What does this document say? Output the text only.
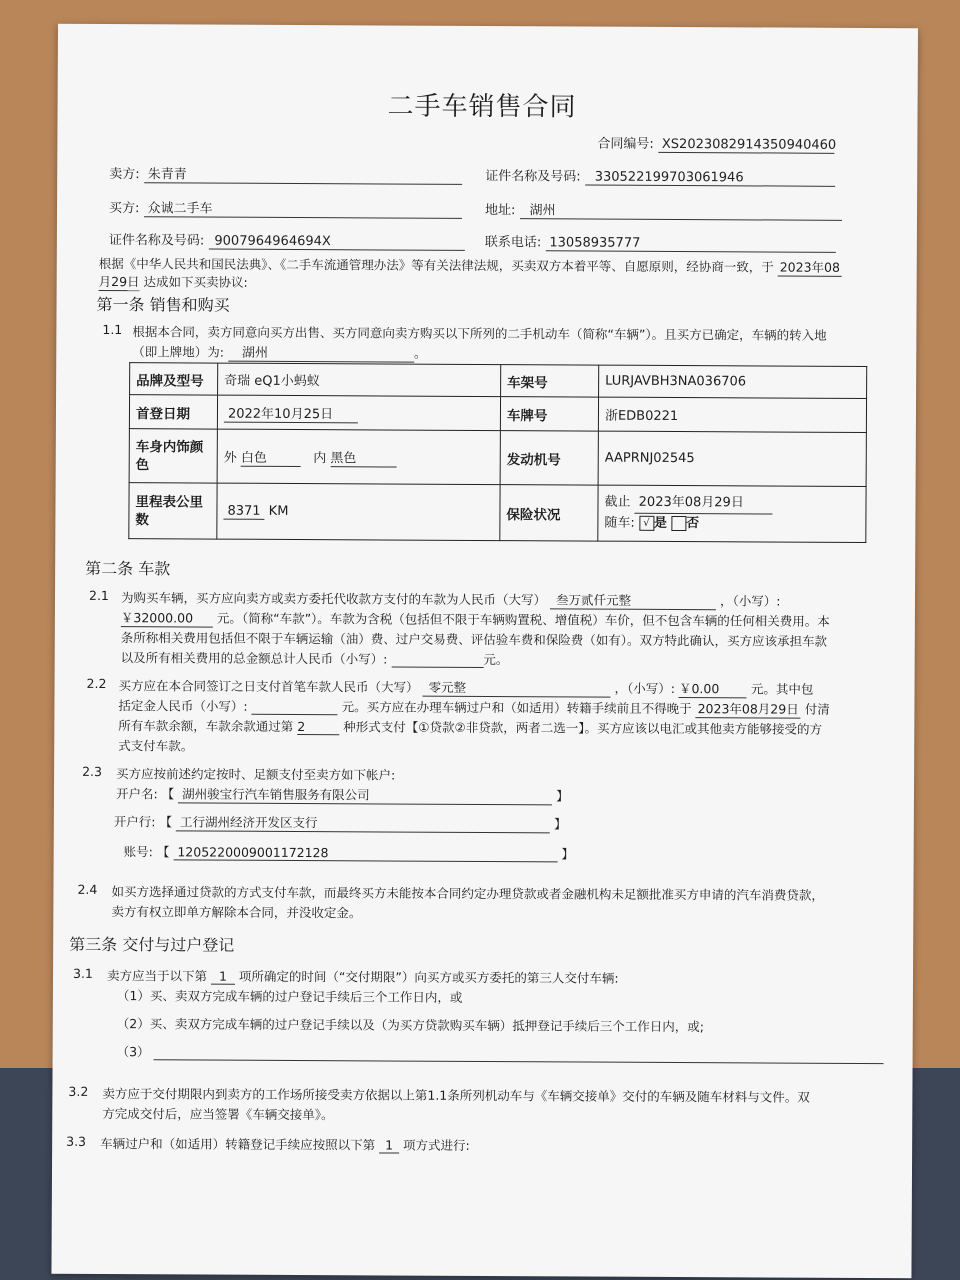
二手车销售合同
合同编号: XS2023082914350940460
卖方: 朱青青	证件名称及号码: 330522199703061946
买方: 众诚二手车	地址: 湖州
证件名称及号码: 9007964964694X	联系电话: 13058935777
根据《中华人民共和国民法典》、《二手车流通管理办法》等有关法律法规，买卖双方本着平等、自愿原则，经协商一致，于 2023年08
月29日 达成如下买卖协议:
第一条 销售和购买
1.1 根据本合同，卖方同意向买方出售、买方同意向卖方购买以下所列的二手机动车（简称“车辆”）。且买方已确定，车辆的转入地
（即上牌地）为: 湖州	。
品牌及型号	奇瑞 eQ1小蚂蚁	车架号	LURJAVBH3NA036706
首登日期	2022年10月25日	车牌号	浙EDB0221
车身内饰颜色	外 白色 内 黑色	发动机号	AAPRNJ02545
里程表公里数	8371 KM	保险状况	截止 2023年08月29日
随车: √ 是 否
第二条 车款
2.1 为购买车辆，买方应向卖方或卖方委托代收款方支付的车款为人民币（大写） 叁万贰仟元整	，（小写）:
￥32000.00 元。（简称“车款”）。车款为含税（包括但不限于车辆购置税、增值税）车价，但不包含车辆的任何相关费用。本
条所称相关费用包括但不限于车辆运输（油）费、过户交易费、评估验车费和保险费（如有）。双方特此确认，买方应该承担车款
以及所有相关费用的总金额总计人民币（小写）:	元。
2.2 买方应在本合同签订之日支付首笔车款人民币（大写） 零元整	，（小写）: ￥0.00	元。其中包
括定金人民币（小写）:	元。买方应在办理车辆过户和（如适用）转籍手续前且不得晚于 2023年08月29日 付清
所有车款余额，车款余款通过第 2	种形式支付【①贷款②非贷款，两者二选一】。买方应该以电汇或其他卖方能够接受的方
式支付车款。
2.3 买方应按前述约定按时、足额支付至卖方如下帐户:
开户名: 【 湖州骏宝行汽车销售服务有限公司	】
开户行: 【 工行湖州经济开发区支行	】
账号: 【 1205220009001172128	】
2.4 如买方选择通过贷款的方式支付车款，而最终买方未能按本合同约定办理贷款或者金融机构未足额批准买方申请的汽车消费贷款，
卖方有权立即单方解除本合同，并没收定金。
第三条 交付与过户登记
3.1 卖方应当于以下第 1 项所确定的时间（“交付期限”）向买方或买方委托的第三人交付车辆:
（1）买、卖双方完成车辆的过户登记手续后三个工作日内，或
（2）买、卖双方完成车辆的过户登记手续以及（为买方贷款购买车辆）抵押登记手续后三个工作日内，或;
（3）
3.2 卖方应于交付期限内到卖方的工作场所接受卖方依据以上第1.1条所列机动车与《车辆交接单》交付的车辆及随车材料与文件。双
方完成交付后，应当签署《车辆交接单》。
3.3 车辆过户和（如适用）转籍登记手续应按照以下第 1 项方式进行:
